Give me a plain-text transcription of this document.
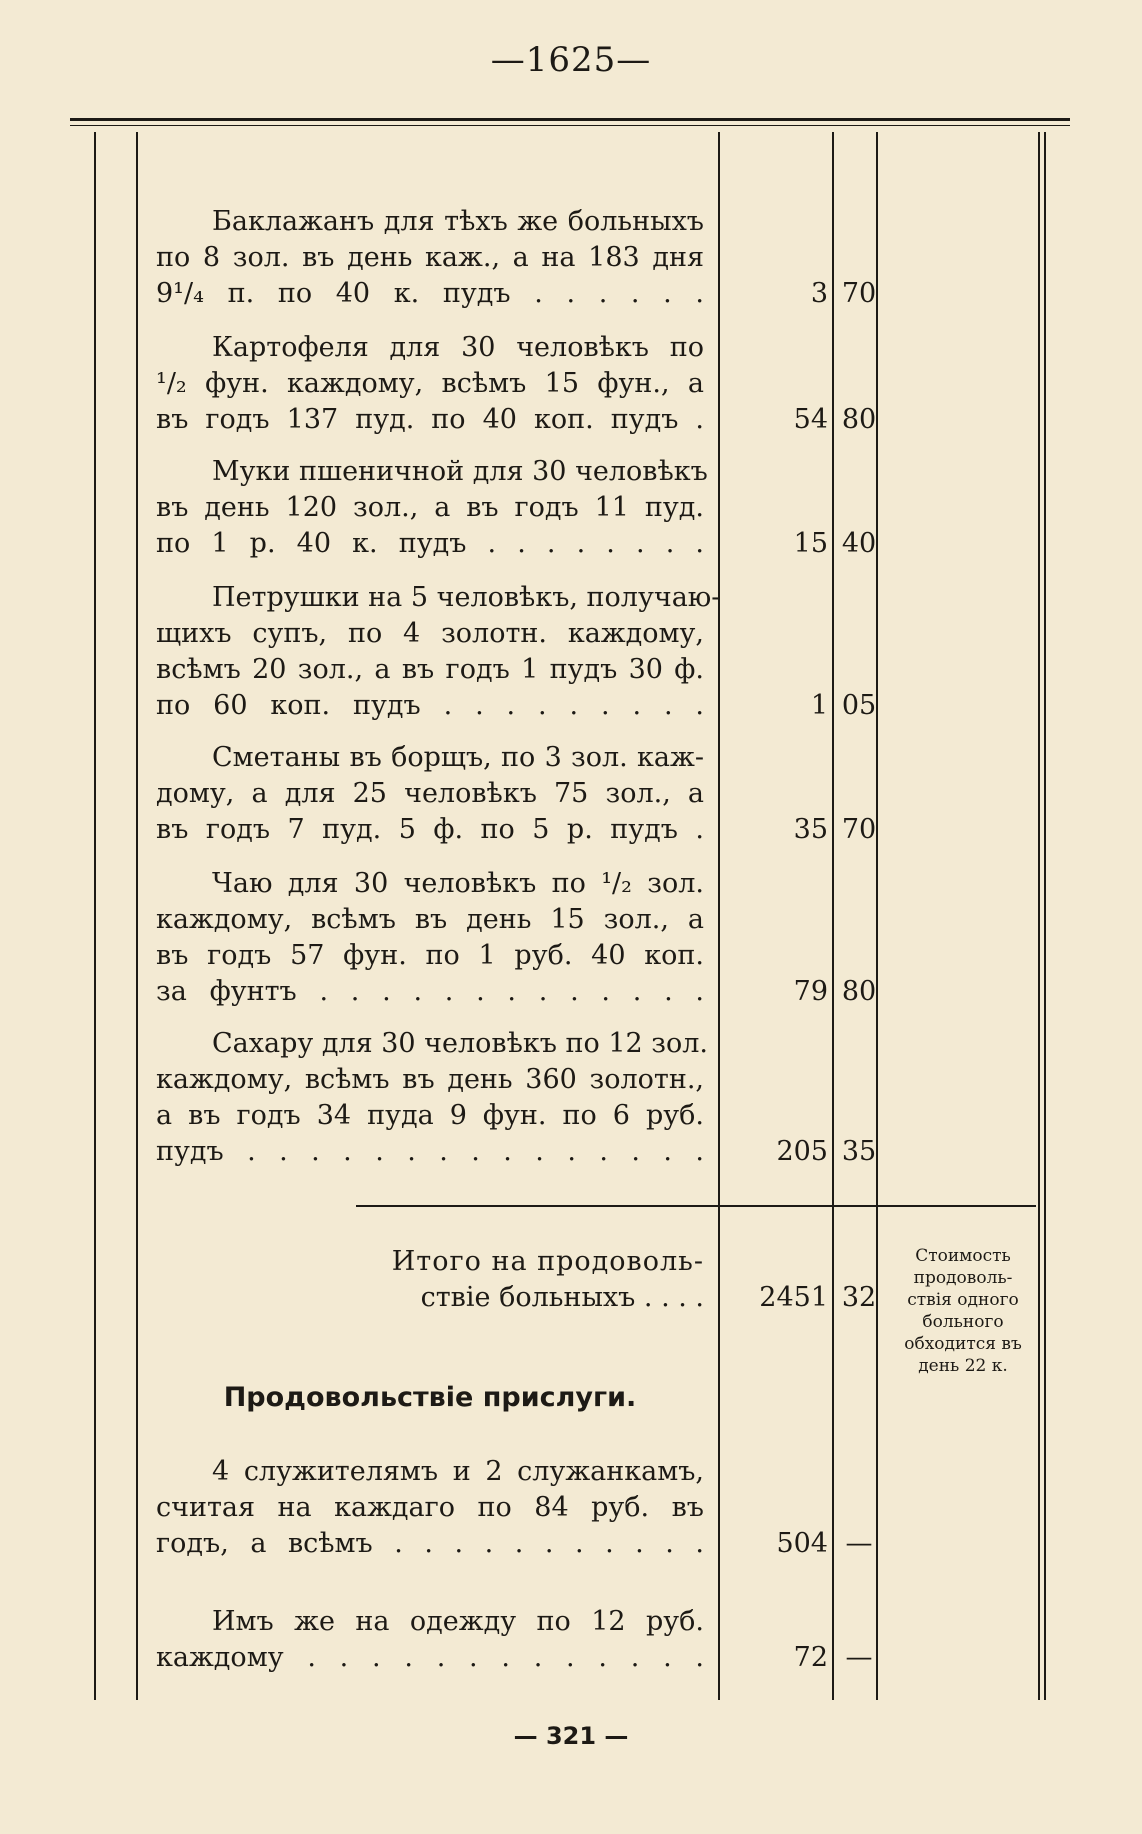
—1625—
Баклажанъ для тѣхъ же больныхъ
по 8 зол. въ день каж., а на 183 дня
9¹/₄ п. по 40 к. пудъ . . . . . .	3 70
Картофеля для 30 человѣкъ по
¹/₂ фун. каждому, всѣмъ 15 фун., а
въ годъ 137 пуд. по 40 коп. пудъ .	54 80
Муки пшеничной для 30 человѣкъ
въ день 120 зол., а въ годъ 11 пуд.
по 1 р. 40 к. пудъ . . . . . . . .	15 40
Петрушки на 5 человѣкъ, получаю-
щихъ супъ, по 4 золотн. каждому,
всѣмъ 20 зол., а въ годъ 1 пудъ 30 ф.
по 60 коп. пудъ . . . . . . . . .	1 05
Сметаны въ борщъ, по 3 зол. каж-
дому, а для 25 человѣкъ 75 зол., а
въ годъ 7 пуд. 5 ф. по 5 р. пудъ .	35 70
Чаю для 30 человѣкъ по ¹/₂ зол.
каждому, всѣмъ въ день 15 зол., а
въ годъ 57 фун. по 1 руб. 40 коп.
за фунтъ . . . . . . . . . . . . .	79 80
Сахару для 30 человѣкъ по 12 зол.
каждому, всѣмъ въ день 360 золотн.,
а въ годъ 34 пуда 9 фун. по 6 руб.
пудъ . . . . . . . . . . . . . . .	205 35
Итого на продоволь-
ствіе больныхъ . . . .	2451 32
Стоимость
продоволь-
ствія одного
больного
обходится въ
день 22 к.
Продовольствіе прислуги.
4 служителямъ и 2 служанкамъ,
считая на каждаго по 84 руб. въ
годъ, а всѣмъ . . . . . . . . . . .	504 —
Имъ же на одежду по 12 руб.
каждому . . . . . . . . . . . . .	72 —
— 321 —
